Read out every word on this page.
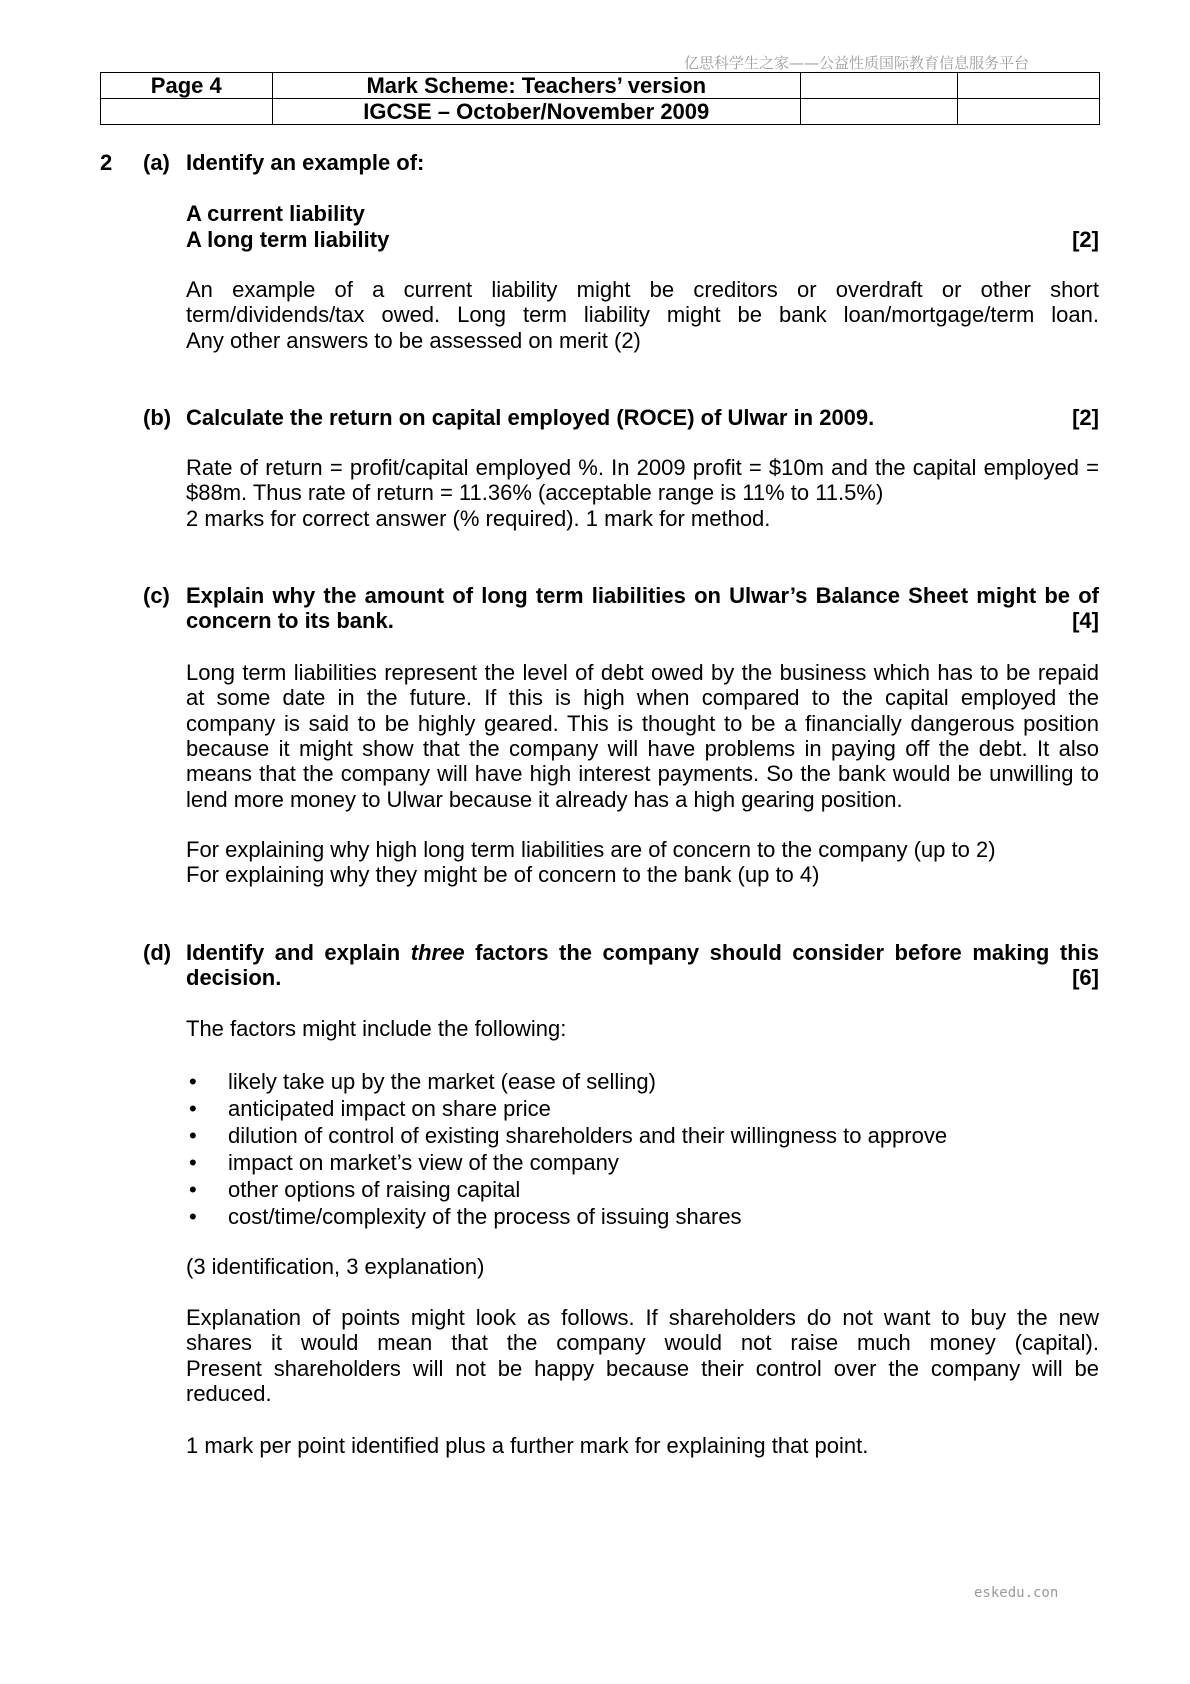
亿思科学生之家——公益性质国际教育信息服务平台
Page 4	Mark Scheme: Teachers’ version		
	IGCSE – October/November 2009		
2 (a) Identify an example of:
A current liability
A long term liability	[2]
An example of a current liability might be creditors or overdraft or other short
term/dividends/tax owed. Long term liability might be bank loan/mortgage/term loan.
Any other answers to be assessed on merit (2)
(b) Calculate the return on capital employed (ROCE) of Ulwar in 2009.	[2]
Rate of return = profit/capital employed %. In 2009 profit = $10m and the capital employed =
$88m. Thus rate of return = 11.36% (acceptable range is 11% to 11.5%)
2 marks for correct answer (% required). 1 mark for method.
(c) Explain why the amount of long term liabilities on Ulwar’s Balance Sheet might be of
concern to its bank.	[4]
Long term liabilities represent the level of debt owed by the business which has to be repaid
at some date in the future. If this is high when compared to the capital employed the
company is said to be highly geared. This is thought to be a financially dangerous position
because it might show that the company will have problems in paying off the debt. It also
means that the company will have high interest payments. So the bank would be unwilling to
lend more money to Ulwar because it already has a high gearing position.
For explaining why high long term liabilities are of concern to the company (up to 2)
For explaining why they might be of concern to the bank (up to 4)
(d) Identify and explain three factors the company should consider before making this
decision.	[6]
The factors might include the following:
•
likely take up by the market (ease of selling)
•
anticipated impact on share price
•
dilution of control of existing shareholders and their willingness to approve
•
impact on market’s view of the company
•
other options of raising capital
•
cost/time/complexity of the process of issuing shares
(3 identification, 3 explanation)
Explanation of points might look as follows. If shareholders do not want to buy the new
shares it would mean that the company would not raise much money (capital).
Present shareholders will not be happy because their control over the company will be
reduced.
1 mark per point identified plus a further mark for explaining that point.
eskedu.con
